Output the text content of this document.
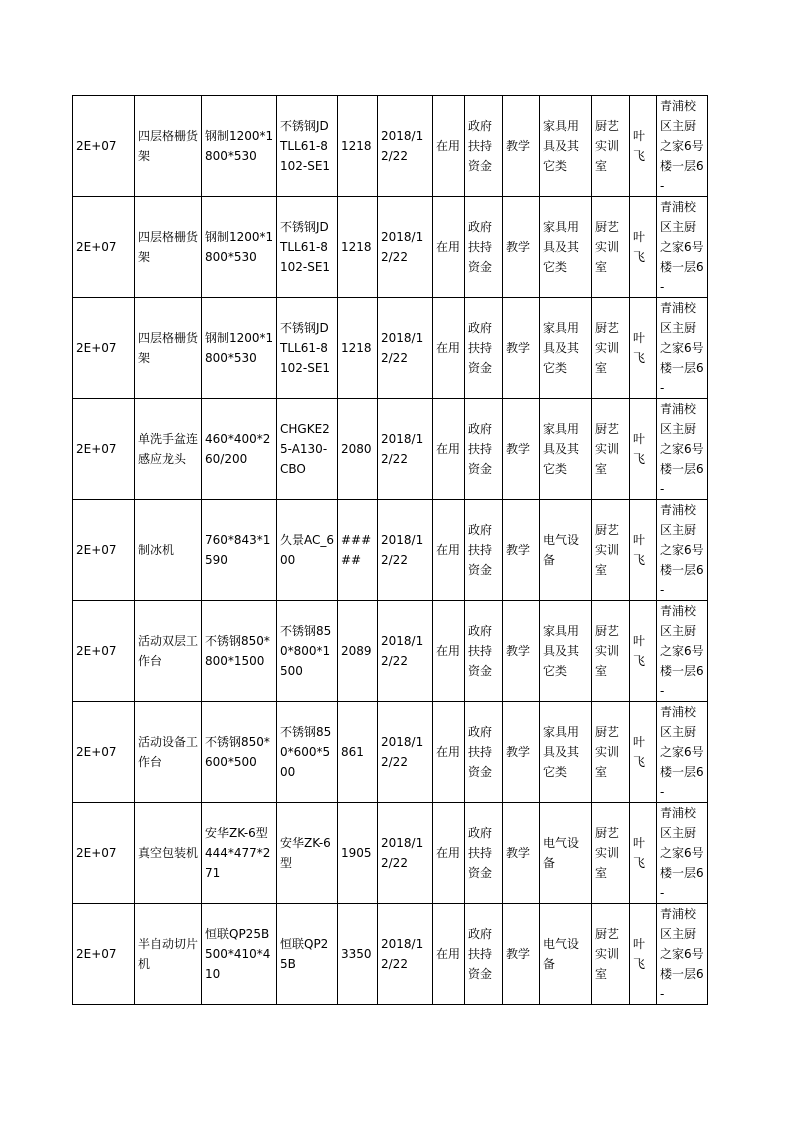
2E+07	四层格栅货架	钢制1200*1800*530	不锈钢JDTLL61-8102-SE1	1218	2018/12/22	在用	政府扶持资金	教学	家具用具及其它类	厨艺实训室	叶飞	青浦校区主厨之家6号楼一层6-
2E+07	四层格栅货架	钢制1200*1800*530	不锈钢JDTLL61-8102-SE1	1218	2018/12/22	在用	政府扶持资金	教学	家具用具及其它类	厨艺实训室	叶飞	青浦校区主厨之家6号楼一层6-
2E+07	四层格栅货架	钢制1200*1800*530	不锈钢JDTLL61-8102-SE1	1218	2018/12/22	在用	政府扶持资金	教学	家具用具及其它类	厨艺实训室	叶飞	青浦校区主厨之家6号楼一层6-
2E+07	单洗手盆连感应龙头	460*400*260/200	CHGKE25-A130-CBO	2080	2018/12/22	在用	政府扶持资金	教学	家具用具及其它类	厨艺实训室	叶飞	青浦校区主厨之家6号楼一层6-
2E+07	制冰机	760*843*1590	久景AC_600	#####	2018/12/22	在用	政府扶持资金	教学	电气设备	厨艺实训室	叶飞	青浦校区主厨之家6号楼一层6-
2E+07	活动双层工作台	不锈钢850*800*1500	不锈钢850*800*1500	2089	2018/12/22	在用	政府扶持资金	教学	家具用具及其它类	厨艺实训室	叶飞	青浦校区主厨之家6号楼一层6-
2E+07	活动设备工作台	不锈钢850*600*500	不锈钢850*600*500	861	2018/12/22	在用	政府扶持资金	教学	家具用具及其它类	厨艺实训室	叶飞	青浦校区主厨之家6号楼一层6-
2E+07	真空包装机	安华ZK-6型444*477*271	安华ZK-6型	1905	2018/12/22	在用	政府扶持资金	教学	电气设备	厨艺实训室	叶飞	青浦校区主厨之家6号楼一层6-
2E+07	半自动切片机	恒联QP25B500*410*410	恒联QP25B	3350	2018/12/22	在用	政府扶持资金	教学	电气设备	厨艺实训室	叶飞	青浦校区主厨之家6号楼一层6-
